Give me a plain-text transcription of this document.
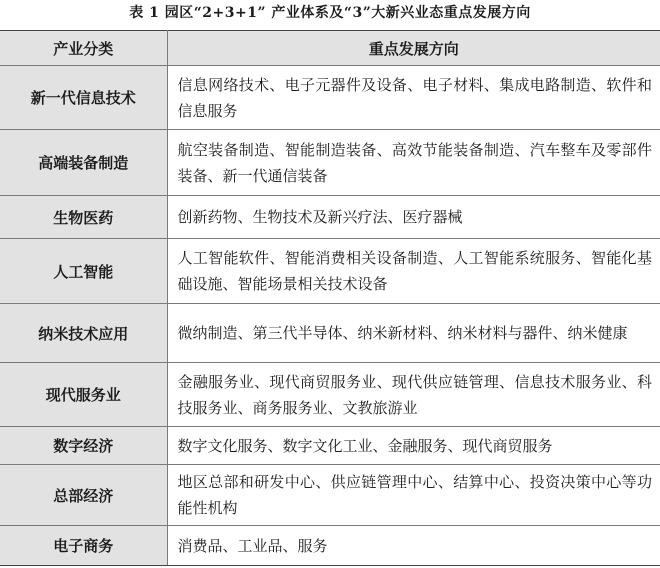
表 1 园区“2+3+1” 产业体系及“3”大新兴业态重点发展方向
产业分类	重点发展方向
新一代信息技术	信息网络技术、电子元器件及设备、电子材料、集成电路制造、软件和信息服务
高端装备制造	航空装备制造、智能制造装备、高效节能装备制造、汽车整车及零部件装备、新一代通信装备
生物医药	创新药物、生物技术及新兴疗法、医疗器械
人工智能	人工智能软件、智能消费相关设备制造、人工智能系统服务、智能化基础设施、智能场景相关技术设备
纳米技术应用	微纳制造、第三代半导体、纳米新材料、纳米材料与器件、纳米健康
现代服务业	金融服务业、现代商贸服务业、现代供应链管理、信息技术服务业、科技服务业、商务服务业、文教旅游业
数字经济	数字文化服务、数字文化工业、金融服务、现代商贸服务
总部经济	地区总部和研发中心、供应链管理中心、结算中心、投资决策中心等功能性机构
电子商务	消费品、工业品、服务
